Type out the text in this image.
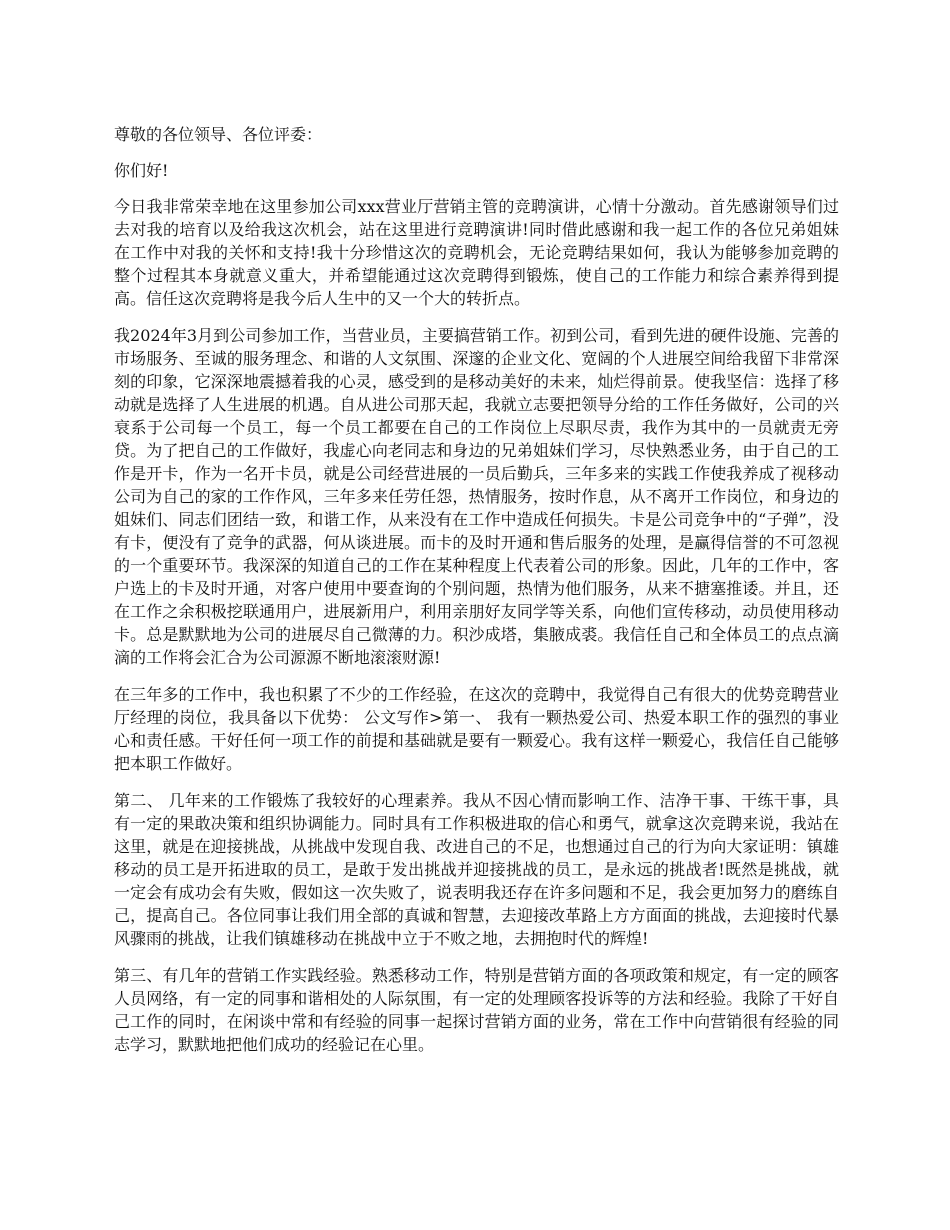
尊敬的各位领导、各位评委：

你们好!

今日我非常荣幸地在这里参加公司xxx营业厅营销主管的竞聘演讲，心情十分激动。首先感谢领导们过去对我的培育以及给我这次机会，站在这里进行竞聘演讲!同时借此感谢和我一起工作的各位兄弟姐妹在工作中对我的关怀和支持!我十分珍惜这次的竞聘机会，无论竞聘结果如何，我认为能够参加竞聘的整个过程其本身就意义重大，并希望能通过这次竞聘得到锻炼，使自己的工作能力和综合素养得到提高。信任这次竞聘将是我今后人生中的又一个大的转折点。

我2024年3月到公司参加工作，当营业员，主要搞营销工作。初到公司，看到先进的硬件设施、完善的市场服务、至诚的服务理念、和谐的人文氛围、深邃的企业文化、宽阔的个人进展空间给我留下非常深刻的印象，它深深地震撼着我的心灵，感受到的是移动美好的未来，灿烂得前景。使我坚信：选择了移动就是选择了人生进展的机遇。自从进公司那天起，我就立志要把领导分给的工作任务做好，公司的兴衰系于公司每一个员工，每一个员工都要在自己的工作岗位上尽职尽责，我作为其中的一员就责无旁贷。为了把自己的工作做好，我虚心向老同志和身边的兄弟姐妹们学习，尽快熟悉业务，由于自己的工作是开卡，作为一名开卡员，就是公司经营进展的一员后勤兵，三年多来的实践工作使我养成了视移动公司为自己的家的工作作风，三年多来任劳任怨，热情服务，按时作息，从不离开工作岗位，和身边的姐妹们、同志们团结一致，和谐工作，从来没有在工作中造成任何损失。卡是公司竞争中的“子弹”，没有卡，便没有了竞争的武器，何从谈进展。而卡的及时开通和售后服务的处理，是赢得信誉的不可忽视的一个重要环节。我深深的知道自己的工作在某种程度上代表着公司的形象。因此，几年的工作中，客户选上的卡及时开通，对客户使用中要查询的个别问题，热情为他们服务，从来不搪塞推诿。并且，还在工作之余积极挖联通用户，进展新用户，利用亲朋好友同学等关系，向他们宣传移动，动员使用移动卡。总是默默地为公司的进展尽自己微薄的力。积沙成塔，集腋成裘。我信任自己和全体员工的点点滴滴的工作将会汇合为公司源源不断地滚滚财源!

在三年多的工作中，我也积累了不少的工作经验，在这次的竞聘中，我觉得自己有很大的优势竞聘营业厅经理的岗位，我具备以下优势： 公文写作>第一、 我有一颗热爱公司、热爱本职工作的强烈的事业心和责任感。干好任何一项工作的前提和基础就是要有一颗爱心。我有这样一颗爱心，我信任自己能够把本职工作做好。

第二、 几年来的工作锻炼了我较好的心理素养。我从不因心情而影响工作、洁净干事、干练干事，具有一定的果敢决策和组织协调能力。同时具有工作积极进取的信心和勇气，就拿这次竞聘来说，我站在这里，就是在迎接挑战，从挑战中发现自我、改进自己的不足，也想通过自己的行为向大家证明：镇雄移动的员工是开拓进取的员工，是敢于发出挑战并迎接挑战的员工，是永远的挑战者!既然是挑战，就一定会有成功会有失败，假如这一次失败了，说表明我还存在许多问题和不足，我会更加努力的磨练自己，提高自己。各位同事让我们用全部的真诚和智慧，去迎接改革路上方方面面的挑战，去迎接时代暴风骤雨的挑战，让我们镇雄移动在挑战中立于不败之地，去拥抱时代的辉煌!

第三、有几年的营销工作实践经验。熟悉移动工作，特别是营销方面的各项政策和规定，有一定的顾客人员网络，有一定的同事和谐相处的人际氛围，有一定的处理顾客投诉等的方法和经验。我除了干好自己工作的同时，在闲谈中常和有经验的同事一起探讨营销方面的业务，常在工作中向营销很有经验的同志学习，默默地把他们成功的经验记在心里。
